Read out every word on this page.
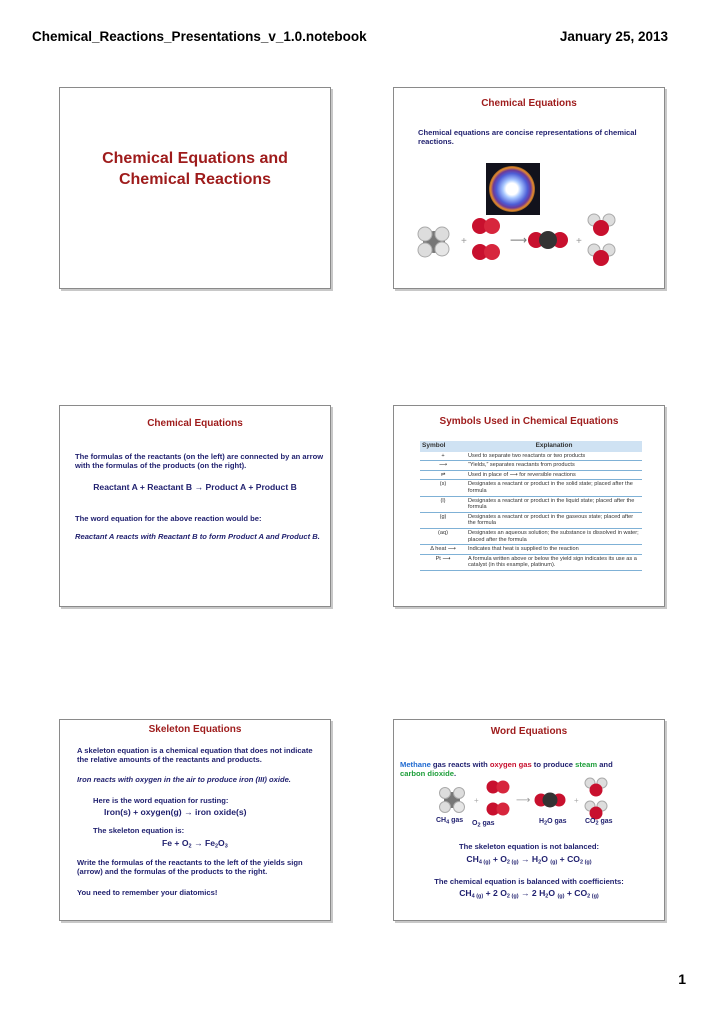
Chemical_Reactions_Presentations_v_1.0.notebook	January 25, 2013
Chemical Equations and
Chemical Reactions
Chemical Equations
Chemical equations are concise representations of chemical reactions.
+	⟶	+
Chemical Equations
The formulas of the reactants (on the left) are connected by an arrow with the formulas of the products (on the right).
Reactant A + Reactant B → Product A + Product B
The word equation for the above reaction would be:
Reactant A reacts with Reactant B to form Product A and Product B.
Symbols Used in Chemical Equations
Symbol	Explanation
+	Used to separate two reactants or two products
⟶	“Yields,” separates reactants from products
⇌	Used in place of ⟶ for reversible reactions
(s)	Designates a reactant or product in the solid state; placed after the formula
(l)	Designates a reactant or product in the liquid state; placed after the formula
(g)	Designates a reactant or product in the gaseous state; placed after the formula
(aq)	Designates an aqueous solution; the substance is dissolved in water; placed after the formula
Δ heat ⟶	Indicates that heat is supplied to the reaction
Pt ⟶	A formula written above or below the yield sign indicates its use as a catalyst (in this example, platinum).
Skeleton Equations
A skeleton equation is a chemical equation that does not indicate the relative amounts of the reactants and products.
Iron reacts with oxygen in the air to produce iron (III) oxide.
Here is the word equation for rusting:
Iron(s) + oxygen(g) → iron oxide(s)
The skeleton equation is:
$Fe + O_2 \to Fe_2O_3$
Write the formulas of the reactants to the left of the yields sign (arrow) and the formulas of the products to the right.
You need to remember your diatomics!
Word Equations
Methane gas reacts with oxygen gas to produce steam and
carbon dioxide.
+	⟶	+
$CH_4$ gas $O_2$ gas	$H_2O$ gas	$CO_2$ gas
The skeleton equation is not balanced:
$CH_{4 (g)} + O_{2 (g)} \to H_2O$ $_{(g)} + CO_{2 (g)}$
The chemical equation is balanced with coefficients:
$CH_{4 (g)} + 2$ $O_{2 (g)} \to 2$ $H_2O$ $_{(g)} + CO_{2 (g)}$
1
